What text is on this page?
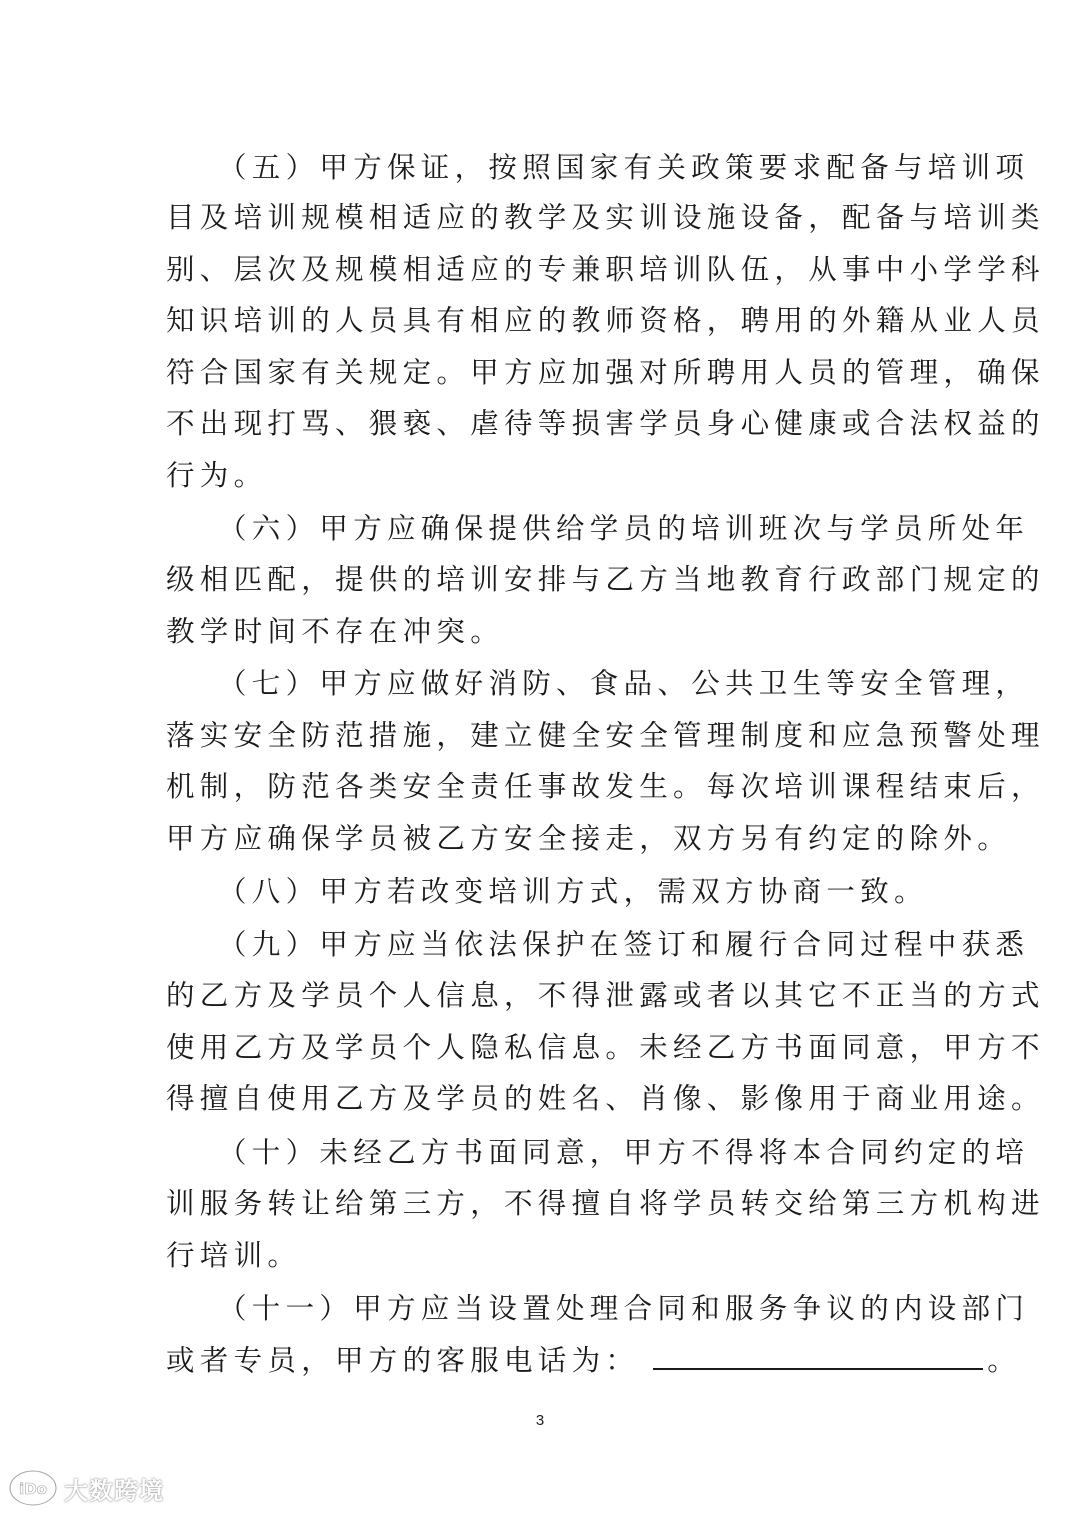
（五）甲方保证，按照国家有关政策要求配备与培训项
目及培训规模相适应的教学及实训设施设备，配备与培训类
别、层次及规模相适应的专兼职培训队伍，从事中小学学科
知识培训的人员具有相应的教师资格，聘用的外籍从业人员
符合国家有关规定。甲方应加强对所聘用人员的管理，确保
不出现打骂、猥亵、虐待等损害学员身心健康或合法权益的
行为。
（六）甲方应确保提供给学员的培训班次与学员所处年
级相匹配，提供的培训安排与乙方当地教育行政部门规定的
教学时间不存在冲突。
（七）甲方应做好消防、食品、公共卫生等安全管理，
落实安全防范措施，建立健全安全管理制度和应急预警处理
机制，防范各类安全责任事故发生。每次培训课程结束后，
甲方应确保学员被乙方安全接走，双方另有约定的除外。
（八）甲方若改变培训方式，需双方协商一致。
（九）甲方应当依法保护在签订和履行合同过程中获悉
的乙方及学员个人信息，不得泄露或者以其它不正当的方式
使用乙方及学员个人隐私信息。未经乙方书面同意，甲方不
得擅自使用乙方及学员的姓名、肖像、影像用于商业用途。
（十）未经乙方书面同意，甲方不得将本合同约定的培
训服务转让给第三方，不得擅自将学员转交给第三方机构进
行培训。
（十一）甲方应当设置处理合同和服务争议的内设部门
或者专员，甲方的客服电话为：	。
3
iDo 大数跨境
